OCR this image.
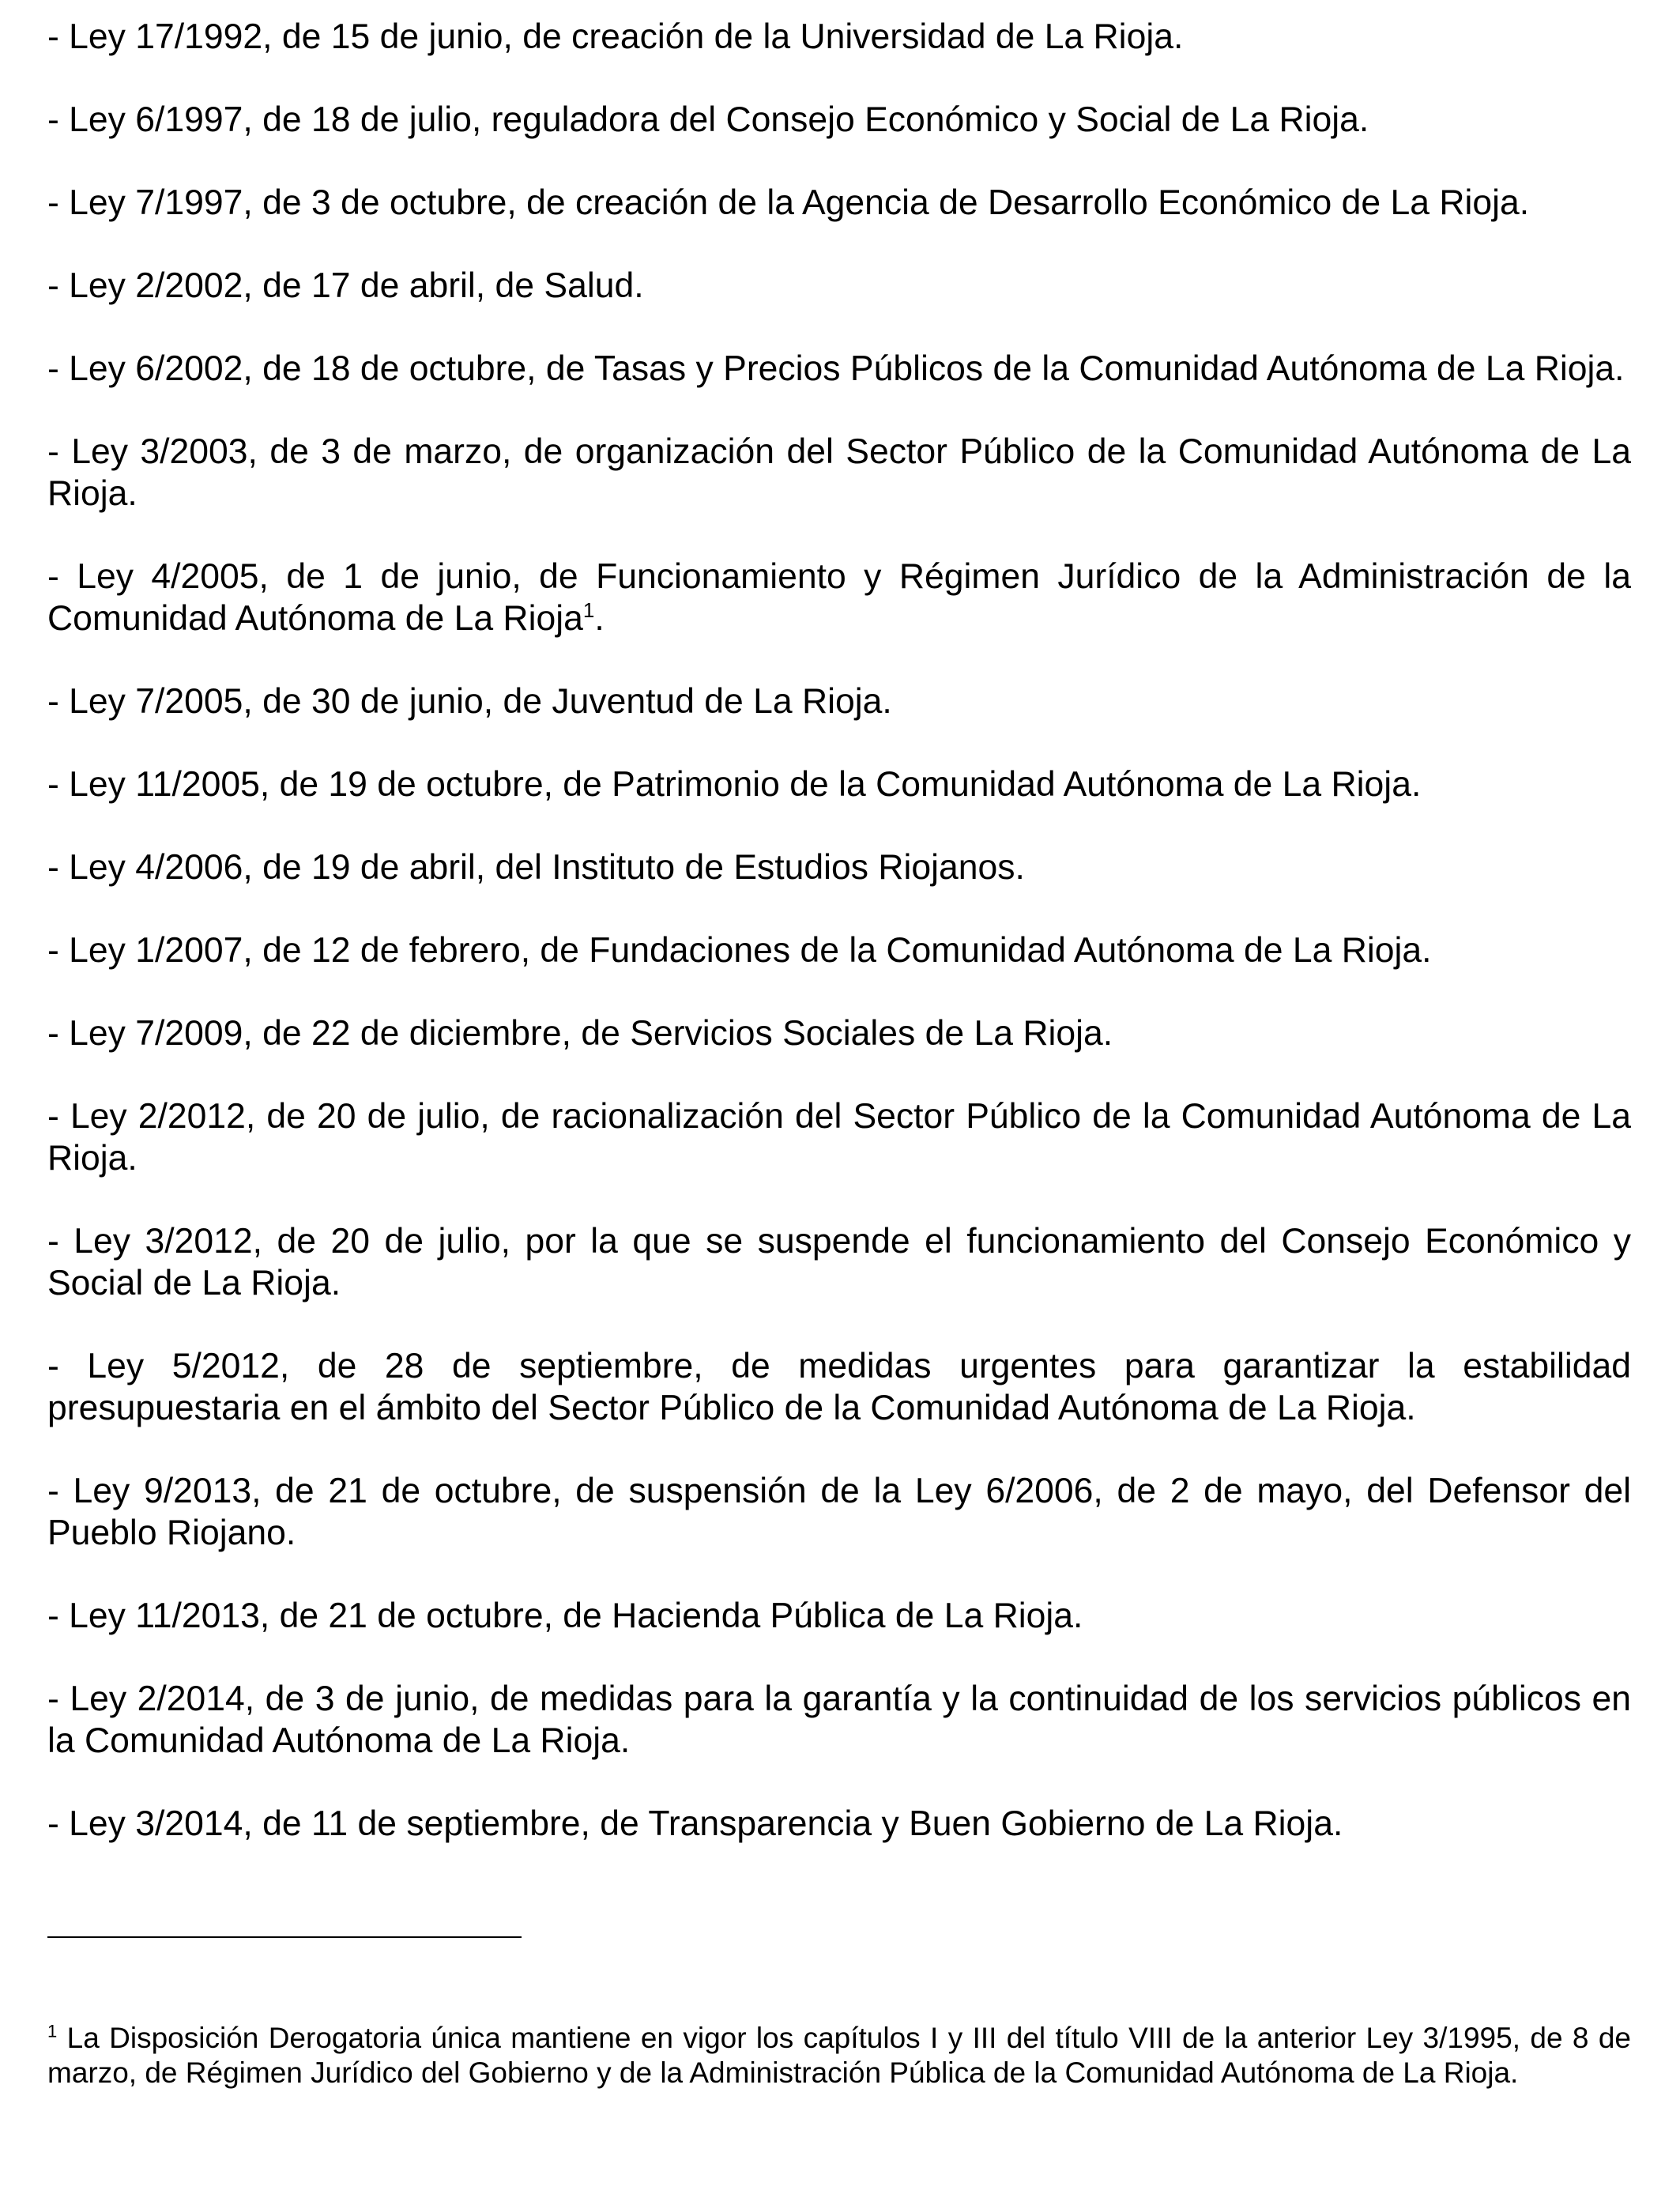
- Ley 17/1992, de 15 de junio, de creación de la Universidad de La Rioja.

- Ley 6/1997, de 18 de julio, reguladora del Consejo Económico y Social de La Rioja.

- Ley 7/1997, de 3 de octubre, de creación de la Agencia de Desarrollo Económico de La Rioja.

- Ley 2/2002, de 17 de abril, de Salud.

- Ley 6/2002, de 18 de octubre, de Tasas y Precios Públicos de la Comunidad Autónoma de La Rioja.

- Ley 3/2003, de 3 de marzo, de organización del Sector Público de la Comunidad Autónoma de La Rioja.

- Ley 4/2005, de 1 de junio, de Funcionamiento y Régimen Jurídico de la Administración de la Comunidad Autónoma de La Rioja$^1$.

- Ley 7/2005, de 30 de junio, de Juventud de La Rioja.

- Ley 11/2005, de 19 de octubre, de Patrimonio de la Comunidad Autónoma de La Rioja.

- Ley 4/2006, de 19 de abril, del Instituto de Estudios Riojanos.

- Ley 1/2007, de 12 de febrero, de Fundaciones de la Comunidad Autónoma de La Rioja.

- Ley 7/2009, de 22 de diciembre, de Servicios Sociales de La Rioja.

- Ley 2/2012, de 20 de julio, de racionalización del Sector Público de la Comunidad Autónoma de La Rioja.

- Ley 3/2012, de 20 de julio, por la que se suspende el funcionamiento del Consejo Económico y Social de La Rioja.

- Ley 5/2012, de 28 de septiembre, de medidas urgentes para garantizar la estabilidad presupuestaria en el ámbito del Sector Público de la Comunidad Autónoma de La Rioja.

- Ley 9/2013, de 21 de octubre, de suspensión de la Ley 6/2006, de 2 de mayo, del Defensor del Pueblo Riojano.

- Ley 11/2013, de 21 de octubre, de Hacienda Pública de La Rioja.

- Ley 2/2014, de 3 de junio, de medidas para la garantía y la continuidad de los servicios públicos en la Comunidad Autónoma de La Rioja.

- Ley 3/2014, de 11 de septiembre, de Transparencia y Buen Gobierno de La Rioja.

$^1$ La Disposición Derogatoria única mantiene en vigor los capítulos I y III del título VIII de la anterior Ley 3/1995, de 8 de marzo, de Régimen Jurídico del Gobierno y de la Administración Pública de la Comunidad Autónoma de La Rioja.
